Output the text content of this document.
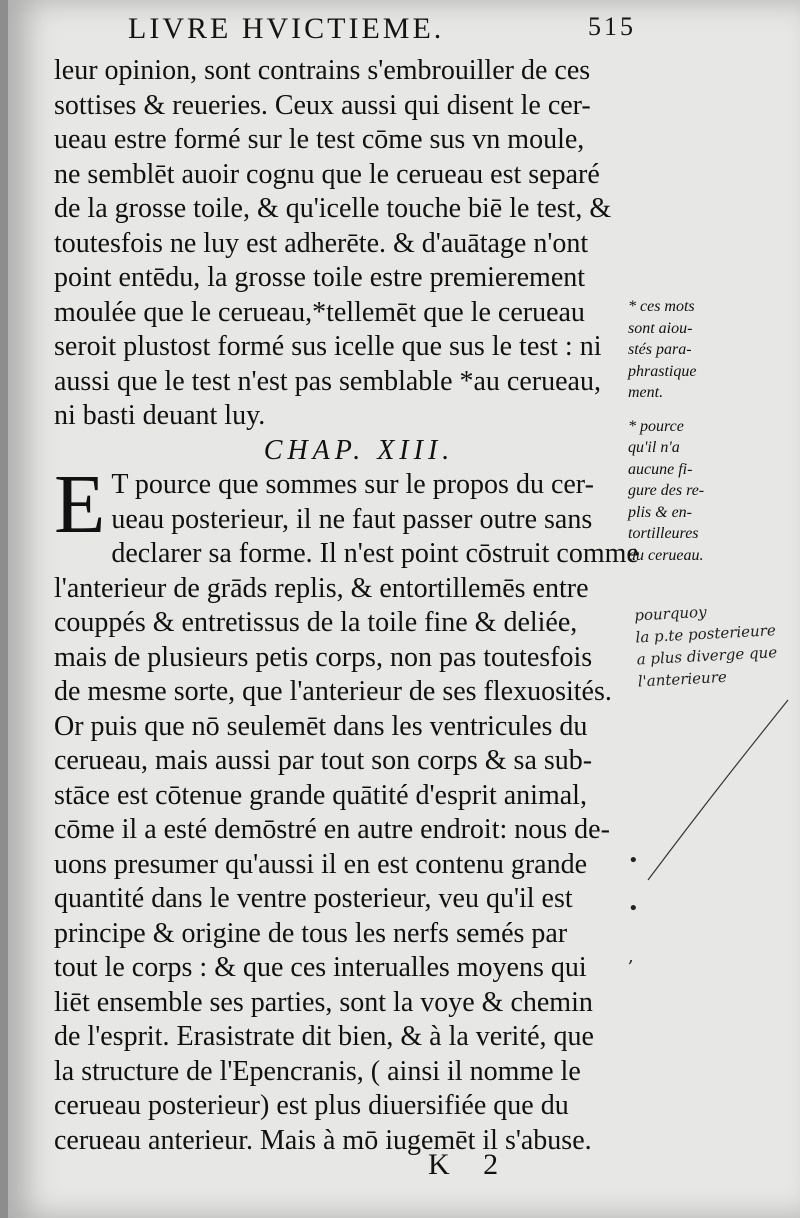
LIVRE HVICTIEME.	515
leur opinion, sont contrains s'embrouiller de ces
sottises & reueries. Ceux aussi qui disent le cer-
ueau estre formé sur le test cōme sus vn moule,
ne semblēt auoir cognu que le cerueau est separé
de la grosse toile, & qu'icelle touche biē le test, &
toutesfois ne luy est adherēte. & d'auātage n'ont
point entēdu, la grosse toile estre premierement
moulée que le cerueau,*tellemēt que le cerueau
seroit plustost formé sus icelle que sus le test : ni
aussi que le test n'est pas semblable *au cerueau,
ni basti deuant luy.
CHAP. XIII.
E T pource que sommes sur le propos du cer-
ueau posterieur, il ne faut passer outre sans
declarer sa forme. Il n'est point cōstruit comme
l'anterieur de grāds replis, & entortillemēs entre
couppés & entretissus de la toile fine & deliée,
mais de plusieurs petis corps, non pas toutesfois
de mesme sorte, que l'anterieur de ses flexuosités.
Or puis que nō seulemēt dans les ventricules du
cerueau, mais aussi par tout son corps & sa sub-
stāce est cōtenue grande quātité d'esprit animal,
cōme il a esté demōstré en autre endroit: nous de-
uons presumer qu'aussi il en est contenu grande
quantité dans le ventre posterieur, veu qu'il est
principe & origine de tous les nerfs semés par
tout le corps : & que ces interualles moyens qui
liēt ensemble ses parties, sont la voye & chemin
de l'esprit. Erasistrate dit bien, & à la verité, que
la structure de l'Epencranis, ( ainsi il nomme le
cerueau posterieur) est plus diuersifiée que du
cerueau anterieur. Mais à mō iugemēt il s'abuse.
* ces mots
sont aiou-
stés para-
phrastique
ment.
* pource
qu'il n'a
aucune fi-
gure des re-
plis & en-
tortilleures
du cerueau.
pourquoy
la p.te posterieure
a plus diverge que
l'anterieure
•
•
,
K 2
